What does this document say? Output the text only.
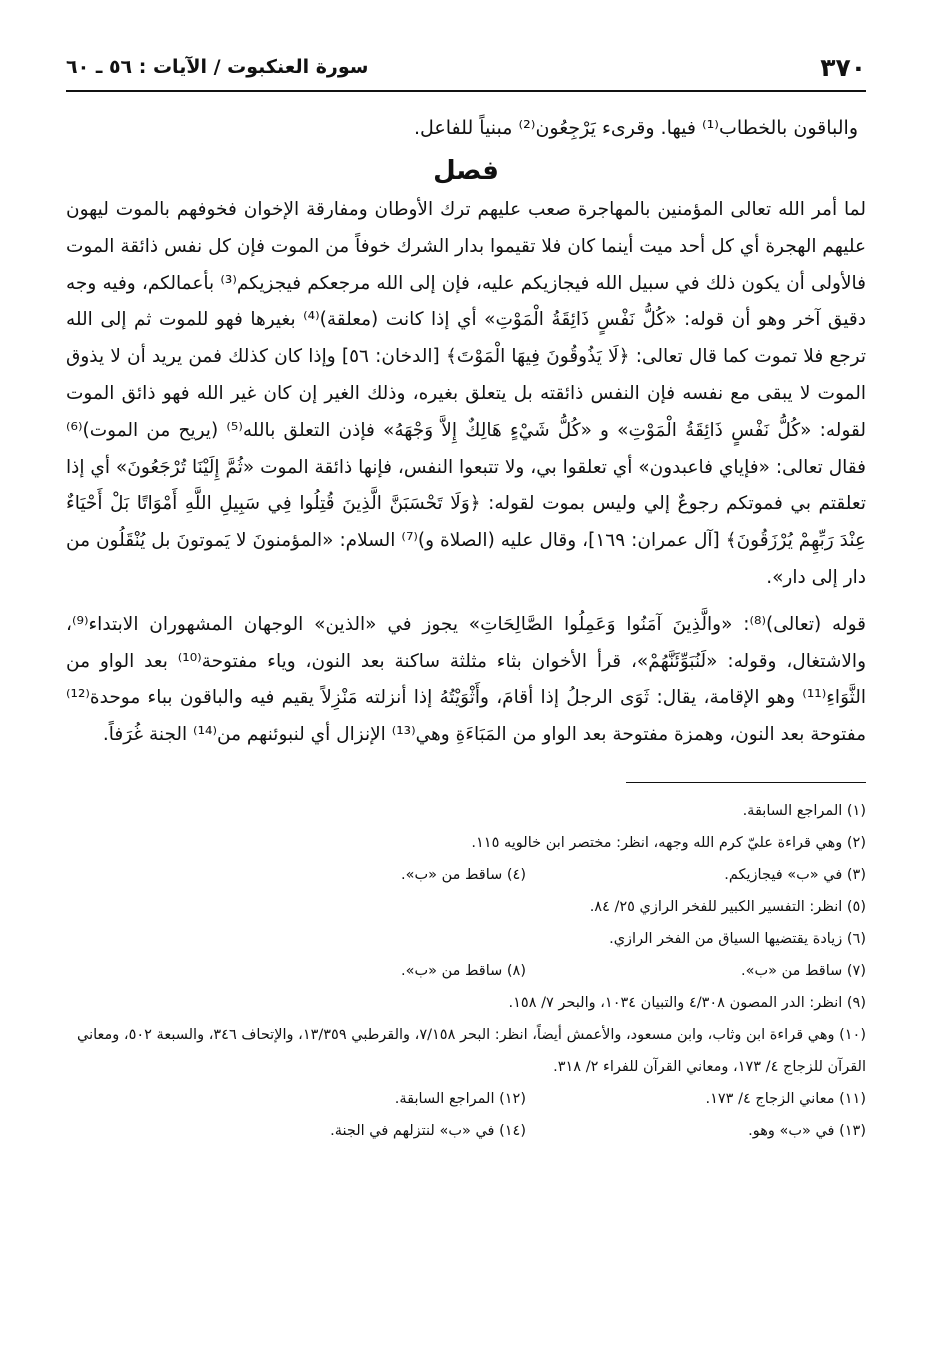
٣٧٠
سورة العنكبوت / الآيات : ٥٦ ـ ٦٠

والباقون بالخطاب⁽¹⁾ فيها. وقرىء يَرْجِعُون⁽²⁾ مبنياً للفاعل.

فصل

لما أمر الله تعالى المؤمنين بالمهاجرة صعب عليهم ترك الأوطان ومفارقة الإخوان فخوفهم بالموت ليهون عليهم الهجرة أي كل أحد ميت أينما كان فلا تقيموا بدار الشرك خوفاً من الموت فإن كل نفس ذائقة الموت فالأولى أن يكون ذلك في سبيل الله فيجازيكم عليه، فإن إلى الله مرجعكم فيجزيكم⁽³⁾ بأعمالكم، وفيه وجه دقيق آخر وهو أن قوله: «كُلُّ نَفْسٍ ذَائِقَةُ الْمَوْتِ» أي إذا كانت (معلقة)⁽⁴⁾ بغيرها فهو للموت ثم إلى الله ترجع فلا تموت كما قال تعالى: ﴿لَا يَذُوقُونَ فِيهَا الْمَوْتَ﴾ [الدخان: ٥٦] وإذا كان كذلك فمن يريد أن لا يذوق الموت لا يبقى مع نفسه فإن النفس ذائقته بل يتعلق بغيره، وذلك الغير إن كان غير الله فهو ذائق الموت لقوله: «كُلُّ نَفْسٍ ذَائِقَةُ الْمَوْتِ» و «كُلُّ شَيْءٍ هَالِكٌ إِلاَّ وَجْهَهُ» فإذن التعلق بالله⁽⁵⁾ (يريح من الموت)⁽⁶⁾ فقال تعالى: «فإياي فاعبدون» أي تعلقوا بي، ولا تتبعوا النفس، فإنها ذائقة الموت «ثُمَّ إِلَيْنَا تُرْجَعُونَ» أي إذا تعلقتم بي فموتكم رجوعٌ إلي وليس بموت لقوله: ﴿وَلَا تَحْسَبَنَّ الَّذِينَ قُتِلُوا فِي سَبِيلِ اللَّهِ أَمْوَاتًا بَلْ أَحْيَاءٌ عِنْدَ رَبِّهِمْ يُرْزَقُونَ﴾ [آل عمران: ١٦٩]، وقال عليه (الصلاة و)⁽⁷⁾ السلام: «المؤمنونَ لا يَموتونَ بل يُنْقَلُون من دار إلى دار».

قوله (تعالى)⁽⁸⁾: «والَّذِينَ آمَنُوا وَعَمِلُوا الصَّالِحَاتِ» يجوز في «الذين» الوجهان المشهوران الابتداء⁽⁹⁾، والاشتغال، وقوله: «لَنُبَوِّئَنَّهُمْ»، قرأ الأخوان بثاء مثلثة ساكنة بعد النون، وياء مفتوحة⁽¹⁰⁾ بعد الواو من الثَّوَاءِ⁽¹¹⁾ وهو الإقامة، يقال: ثَوَى الرجلُ إذا أقامَ، وأَثْوَيْتُهُ إذا أنزلته مَنْزِلاً يقيم فيه والباقون بباء موحدة⁽¹²⁾ مفتوحة بعد النون، وهمزة مفتوحة بعد الواو من المَبَاءَةِ وهي⁽¹³⁾ الإنزال أي لنبوئنهم من⁽¹⁴⁾ الجنة غُرَفاً.

(١) المراجع السابقة.
(٢) وهي قراءة عليّ كرم الله وجهه، انظر: مختصر ابن خالويه ١١٥.
(٣) في «ب» فيجازيكم.
(٤) ساقط من «ب».
(٥) انظر: التفسير الكبير للفخر الرازي ٢٥/ ٨٤.
(٦) زيادة يقتضيها السياق من الفخر الرازي.
(٧) ساقط من «ب».
(٨) ساقط من «ب».
(٩) انظر: الدر المصون ٤/٣٠٨ والتبيان ١٠٣٤، والبحر ٧/ ١٥٨.
(١٠) وهي قراءة ابن وثاب، وابن مسعود، والأعمش أيضاً، انظر: البحر ٧/١٥٨، والقرطبي ١٣/٣٥٩، والإتحاف ٣٤٦، والسبعة ٥٠٢، ومعاني القرآن للزجاج ٤/ ١٧٣، ومعاني القرآن للفراء ٢/ ٣١٨.
(١١) معاني الزجاج ٤/ ١٧٣.
(١٢) المراجع السابقة.
(١٣) في «ب» وهو.
(١٤) في «ب» لنتزلهم في الجنة.
